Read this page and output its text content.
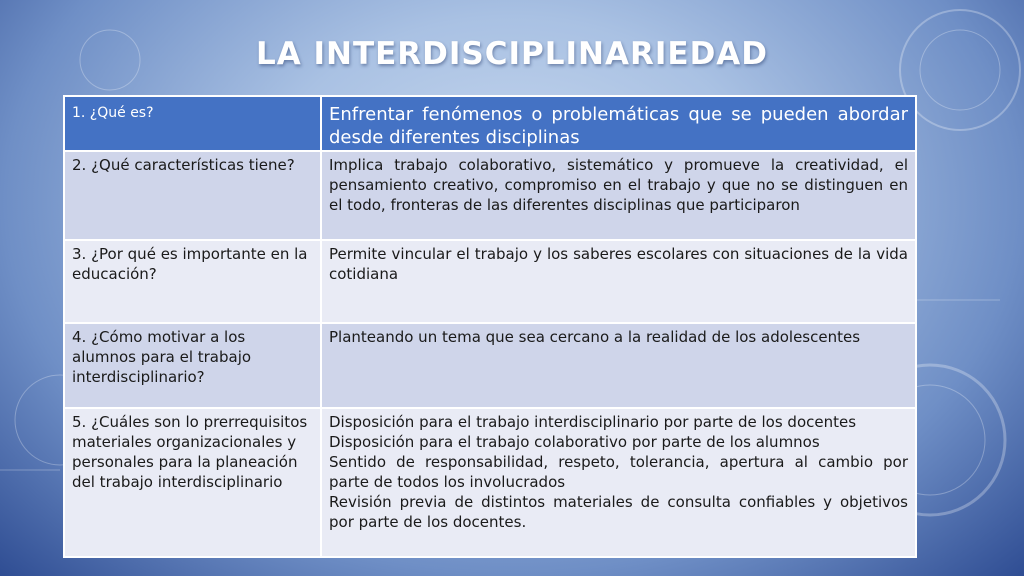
LA INTERDISCIPLINARIEDAD
1. ¿Qué es?	Enfrentar fenómenos o problemáticas que se pueden abordar desde diferentes disciplinas

2. ¿Qué características tiene?	Implica trabajo colaborativo, sistemático y promueve la creatividad, el pensamiento creativo, compromiso en el trabajo y que no se distinguen en el todo, fronteras de las diferentes disciplinas que participaron

3. ¿Por qué es importante en la educación?	Permite vincular el trabajo y los saberes escolares con situaciones de la vida cotidiana

4. ¿Cómo motivar a los alumnos para el trabajo interdisciplinario?	Planteando un tema que sea cercano a la realidad de los adolescentes

5. ¿Cuáles son lo prerrequisitos materiales organizacionales y personales para la planeación del trabajo interdisciplinario	Disposición para el trabajo interdisciplinario por parte de los docentes
Disposición para el trabajo colaborativo por parte de los alumnos
Sentido de responsabilidad, respeto, tolerancia, apertura al cambio por parte de todos los involucrados
Revisión previa de distintos materiales de consulta confiables y objetivos por parte de los docentes.
